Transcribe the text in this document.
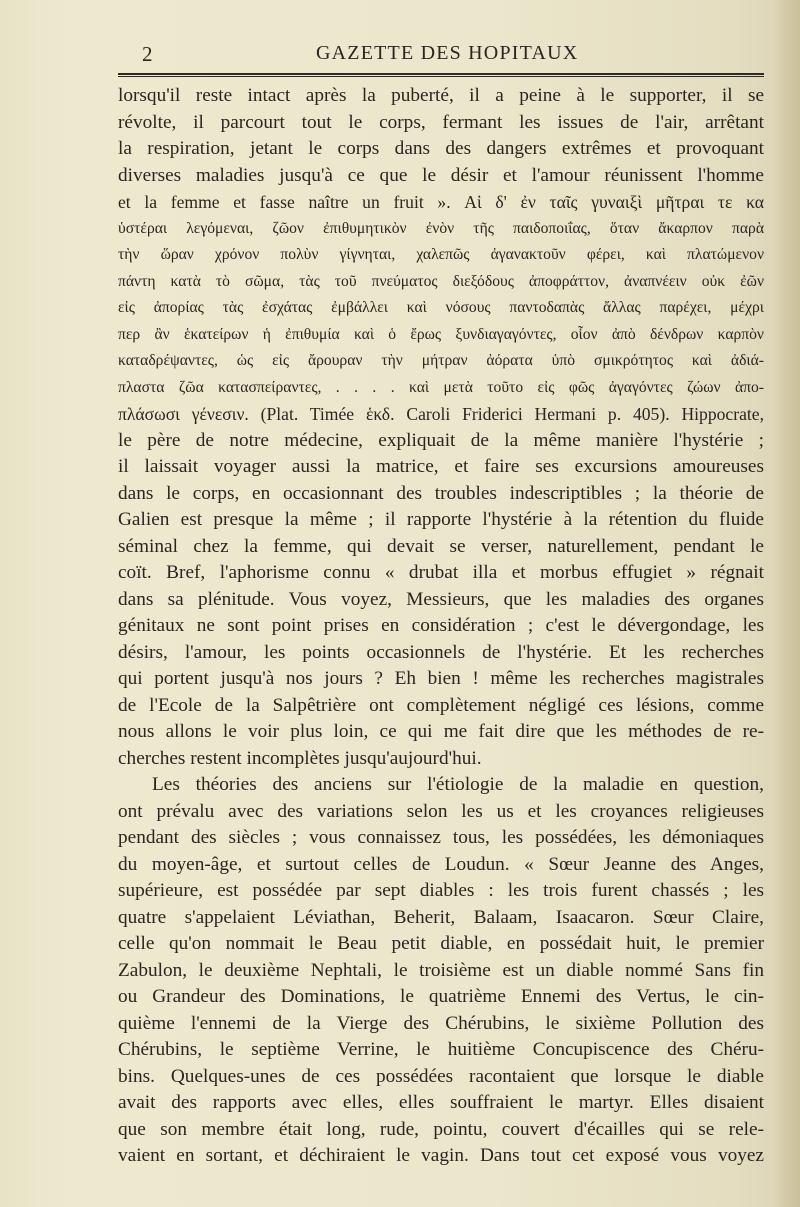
2	GAZETTE DES HOPITAUX
lorsqu'il reste intact après la puberté, il a peine à le supporter, il se
révolte, il parcourt tout le corps, fermant les issues de l'air, arrêtant
la respiration, jetant le corps dans des dangers extrêmes et provoquant
diverses maladies jusqu'à ce que le désir et l'amour réunissent l'homme
et la femme et fasse naître un fruit ». Αἱ δ' ἐν ταῖς γυναιξὶ μῆτραι τε κα
ὑστέραι λεγόμεναι, ζῶον ἐπιθυμητικὸν ἐνὸν τῆς παιδοποιΐας, ὅταν ἄκαρπον παρὰ
τὴν ὥραν χρόνον πολὺν γίγνηται, χαλεπῶς ἀγανακτοῦν φέρει, καὶ πλατώμενον
πάντη κατὰ τὸ σῶμα, τὰς τοῦ πνεύματος διεξόδους ἀποφράττον, ἀναπνέειν οὐκ ἐῶν
εἰς ἀπορίας τὰς ἐσχάτας ἐμβάλλει καὶ νόσους παντοδαπὰς ἄλλας παρέχει, μέχρι
περ ἂν ἑκατείρων ἡ ἐπιθυμία καὶ ὁ ἔρως ξυνδιαγαγόντες, οἷον ἀπὸ δένδρων καρπὸν
καταδρέψαντες, ὡς εἰς ἄρουραν τὴν μήτραν ἀόρατα ὑπὸ σμικρότητος καὶ ἀδιά-
πλαστα ζῶα κατασπείραντες, . . . . καὶ μετὰ τοῦτο εἰς φῶς ἀγαγόντες ζώων ἀπο-
πλάσωσι γένεσιν. (Plat. Timée ἑκδ. Caroli Friderici Hermani p. 405). Hippocrate,
le père de notre médecine, expliquait de la même manière l'hystérie ;
il laissait voyager aussi la matrice, et faire ses excursions amoureuses
dans le corps, en occasionnant des troubles indescriptibles ; la théorie de
Galien est presque la même ; il rapporte l'hystérie à la rétention du fluide
séminal chez la femme, qui devait se verser, naturellement, pendant le
coït. Bref, l'aphorisme connu « drubat illa et morbus effugiet » régnait
dans sa plénitude. Vous voyez, Messieurs, que les maladies des organes
génitaux ne sont point prises en considération ; c'est le dévergondage, les
désirs, l'amour, les points occasionnels de l'hystérie. Et les recherches
qui portent jusqu'à nos jours ? Eh bien ! même les recherches magistrales
de l'Ecole de la Salpêtrière ont complètement négligé ces lésions, comme
nous allons le voir plus loin, ce qui me fait dire que les méthodes de re-
cherches restent incomplètes jusqu'aujourd'hui.
Les théories des anciens sur l'étiologie de la maladie en question,
ont prévalu avec des variations selon les us et les croyances religieuses
pendant des siècles ; vous connaissez tous, les possédées, les démoniaques
du moyen-âge, et surtout celles de Loudun. « Sœur Jeanne des Anges,
supérieure, est possédée par sept diables : les trois furent chassés ; les
quatre s'appelaient Léviathan, Beherit, Balaam, Isaacaron. Sœur Claire,
celle qu'on nommait le Beau petit diable, en possédait huit, le premier
Zabulon, le deuxième Nephtali, le troisième est un diable nommé Sans fin
ou Grandeur des Dominations, le quatrième Ennemi des Vertus, le cin-
quième l'ennemi de la Vierge des Chérubins, le sixième Pollution des
Chérubins, le septième Verrine, le huitième Concupiscence des Chéru-
bins. Quelques-unes de ces possédées racontaient que lorsque le diable
avait des rapports avec elles, elles souffraient le martyr. Elles disaient
que son membre était long, rude, pointu, couvert d'écailles qui se rele-
vaient en sortant, et déchiraient le vagin. Dans tout cet exposé vous voyez
